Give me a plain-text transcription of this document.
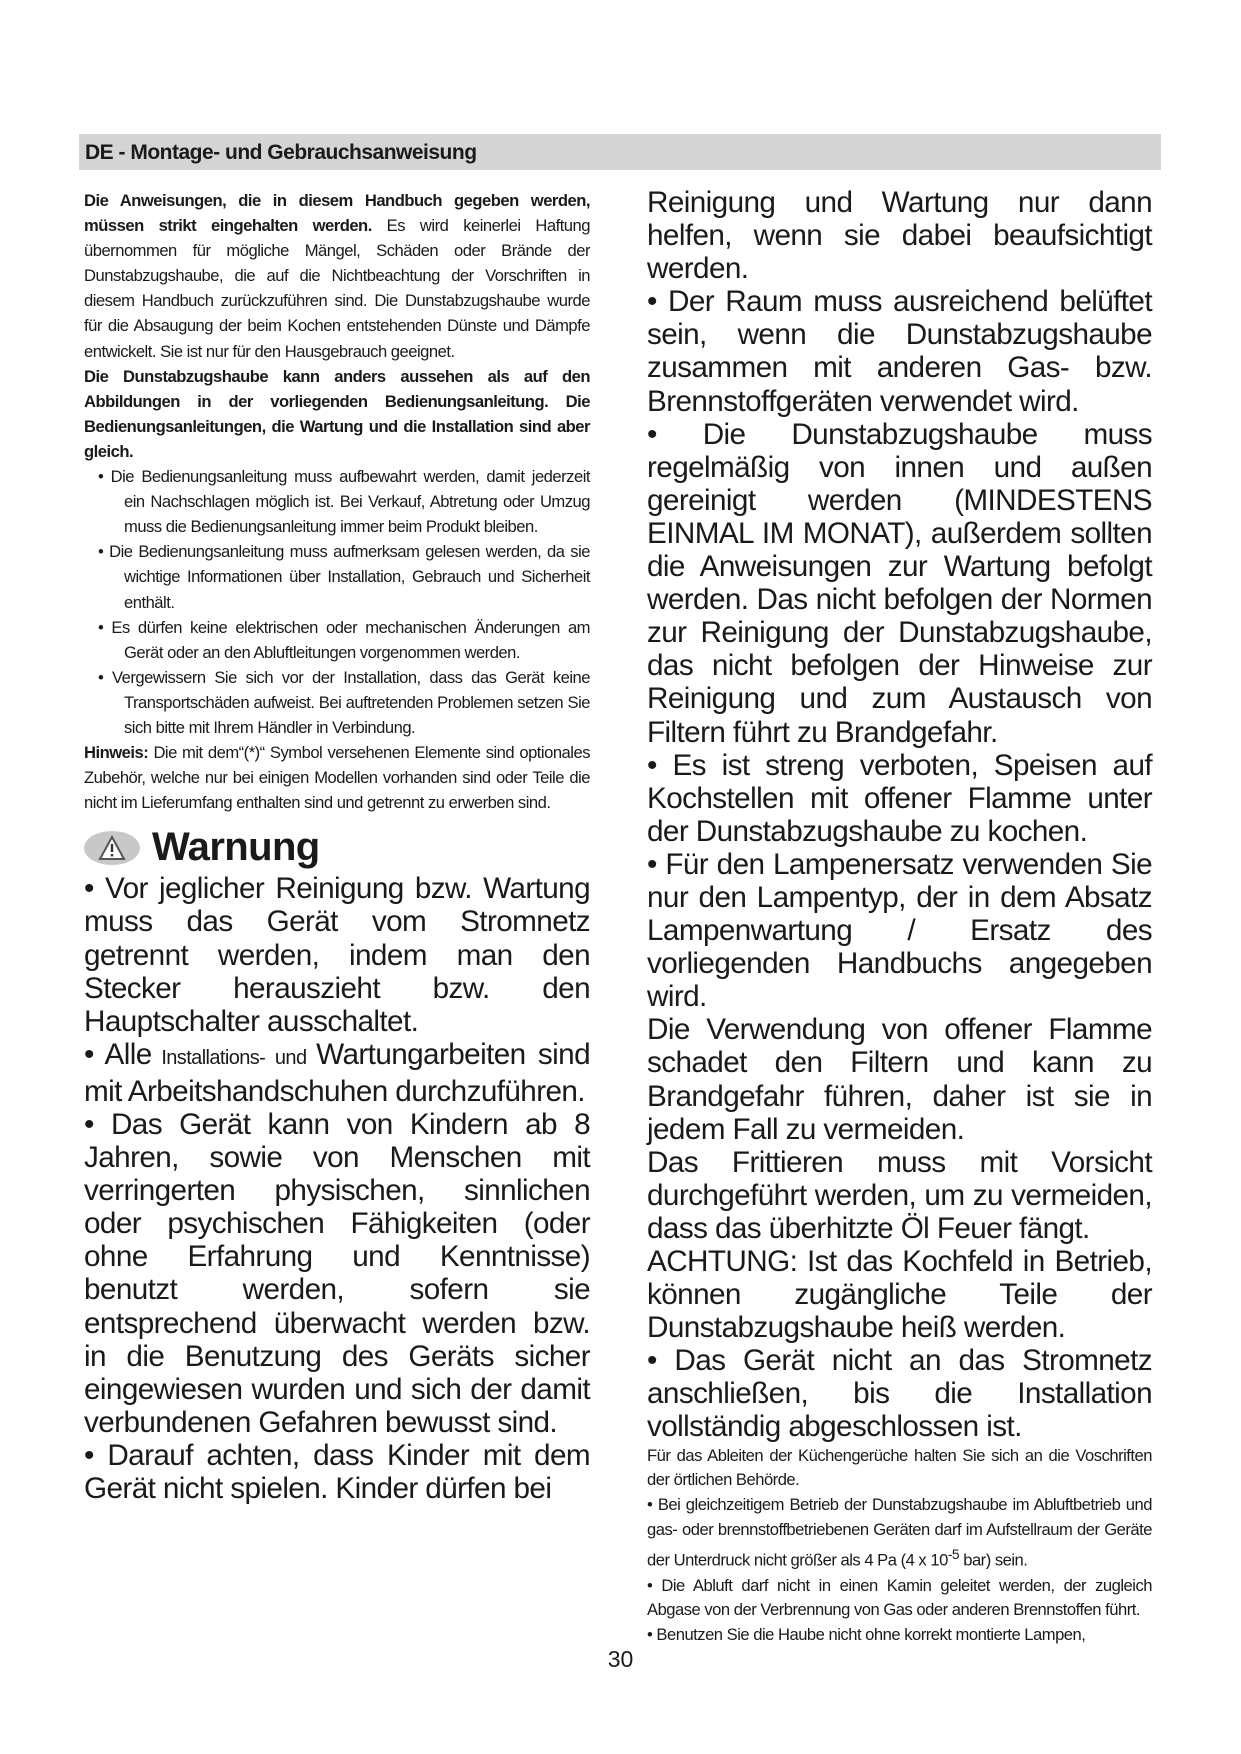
DE - Montage- und Gebrauchsanweisung

Die Anweisungen, die in diesem Handbuch gegeben werden, müssen strikt eingehalten werden. Es wird keinerlei Haftung übernommen für mögliche Mängel, Schäden oder Brände der Dunstabzugshaube, die auf die Nichtbeachtung der Vorschriften in diesem Handbuch zurückzuführen sind. Die Dunstabzugshaube wurde für die Absaugung der beim Kochen entstehenden Dünste und Dämpfe entwickelt. Sie ist nur für den Hausgebrauch geeignet.

Die Dunstabzugshaube kann anders aussehen als auf den Abbildungen in der vorliegenden Bedienungsanleitung. Die Bedienungsanleitungen, die Wartung und die Installation sind aber gleich.

• Die Bedienungsanleitung muss aufbewahrt werden, damit jederzeit ein Nachschlagen möglich ist. Bei Verkauf, Abtretung oder Umzug muss die Bedienungsanleitung immer beim Produkt bleiben.

• Die Bedienungsanleitung muss aufmerksam gelesen werden, da sie wichtige Informationen über Installation, Gebrauch und Sicherheit enthält.

• Es dürfen keine elektrischen oder mechanischen Änderungen am Gerät oder an den Abluftleitungen vorgenommen werden.

• Vergewissern Sie sich vor der Installation, dass das Gerät keine Transportschäden aufweist. Bei auftretenden Problemen setzen Sie sich bitte mit Ihrem Händler in Verbindung.

Hinweis: Die mit dem“(*)“ Symbol versehenen Elemente sind optionales Zubehör, welche nur bei einigen Modellen vorhanden sind oder Teile die nicht im Lieferumfang enthalten sind und getrennt zu erwerben sind.

Warnung

• Vor jeglicher Reinigung bzw. Wartung muss das Gerät vom Stromnetz getrennt werden, indem man den Stecker herauszieht bzw. den Hauptschalter ausschaltet.

• Alle Installations- und Wartungarbeiten sind mit Arbeitshandschuhen durchzuführen.

• Das Gerät kann von Kindern ab 8 Jahren, sowie von Menschen mit verringerten physischen, sinnlichen oder psychischen Fähigkeiten (oder ohne Erfahrung und Kenntnisse) benutzt werden, sofern sie entsprechend überwacht werden bzw. in die Benutzung des Geräts sicher eingewiesen wurden und sich der damit verbundenen Gefahren bewusst sind.

• Darauf achten, dass Kinder mit dem Gerät nicht spielen. Kinder dürfen bei

Reinigung und Wartung nur dann helfen, wenn sie dabei beaufsichtigt werden.

• Der Raum muss ausreichend belüftet sein, wenn die Dunstabzugshaube zusammen mit anderen Gas- bzw. Brennstoffgeräten verwendet wird.

• Die Dunstabzugshaube muss regelmäßig von innen und außen gereinigt werden (MINDESTENS EINMAL IM MONAT), außerdem sollten die Anweisungen zur Wartung befolgt werden. Das nicht befolgen der Normen zur Reinigung der Dunstabzugshaube, das nicht befolgen der Hinweise zur Reinigung und zum Austausch von Filtern führt zu Brandgefahr.

• Es ist streng verboten, Speisen auf Kochstellen mit offener Flamme unter der Dunstabzugshaube zu kochen.

• Für den Lampenersatz verwenden Sie nur den Lampentyp, der in dem Absatz Lampenwartung / Ersatz des vorliegenden Handbuchs angegeben wird.

Die Verwendung von offener Flamme schadet den Filtern und kann zu Brandgefahr führen, daher ist sie in jedem Fall zu vermeiden.

Das Frittieren muss mit Vorsicht durchgeführt werden, um zu vermeiden, dass das überhitzte Öl Feuer fängt.

ACHTUNG: Ist das Kochfeld in Betrieb, können zugängliche Teile der Dunstabzugshaube heiß werden.

• Das Gerät nicht an das Stromnetz anschließen, bis die Installation vollständig abgeschlossen ist.

Für das Ableiten der Küchengerüche halten Sie sich an die Voschriften der örtlichen Behörde.

• Bei gleichzeitigem Betrieb der Dunstabzugshaube im Abluftbetrieb und gas- oder brennstoffbetriebenen Geräten darf im Aufstellraum der Geräte der Unterdruck nicht größer als 4 Pa (4 x $10^{-5}$ bar) sein.

• Die Abluft darf nicht in einen Kamin geleitet werden, der zugleich Abgase von der Verbrennung von Gas oder anderen Brennstoffen führt.

• Benutzen Sie die Haube nicht ohne korrekt montierte Lampen,

30
